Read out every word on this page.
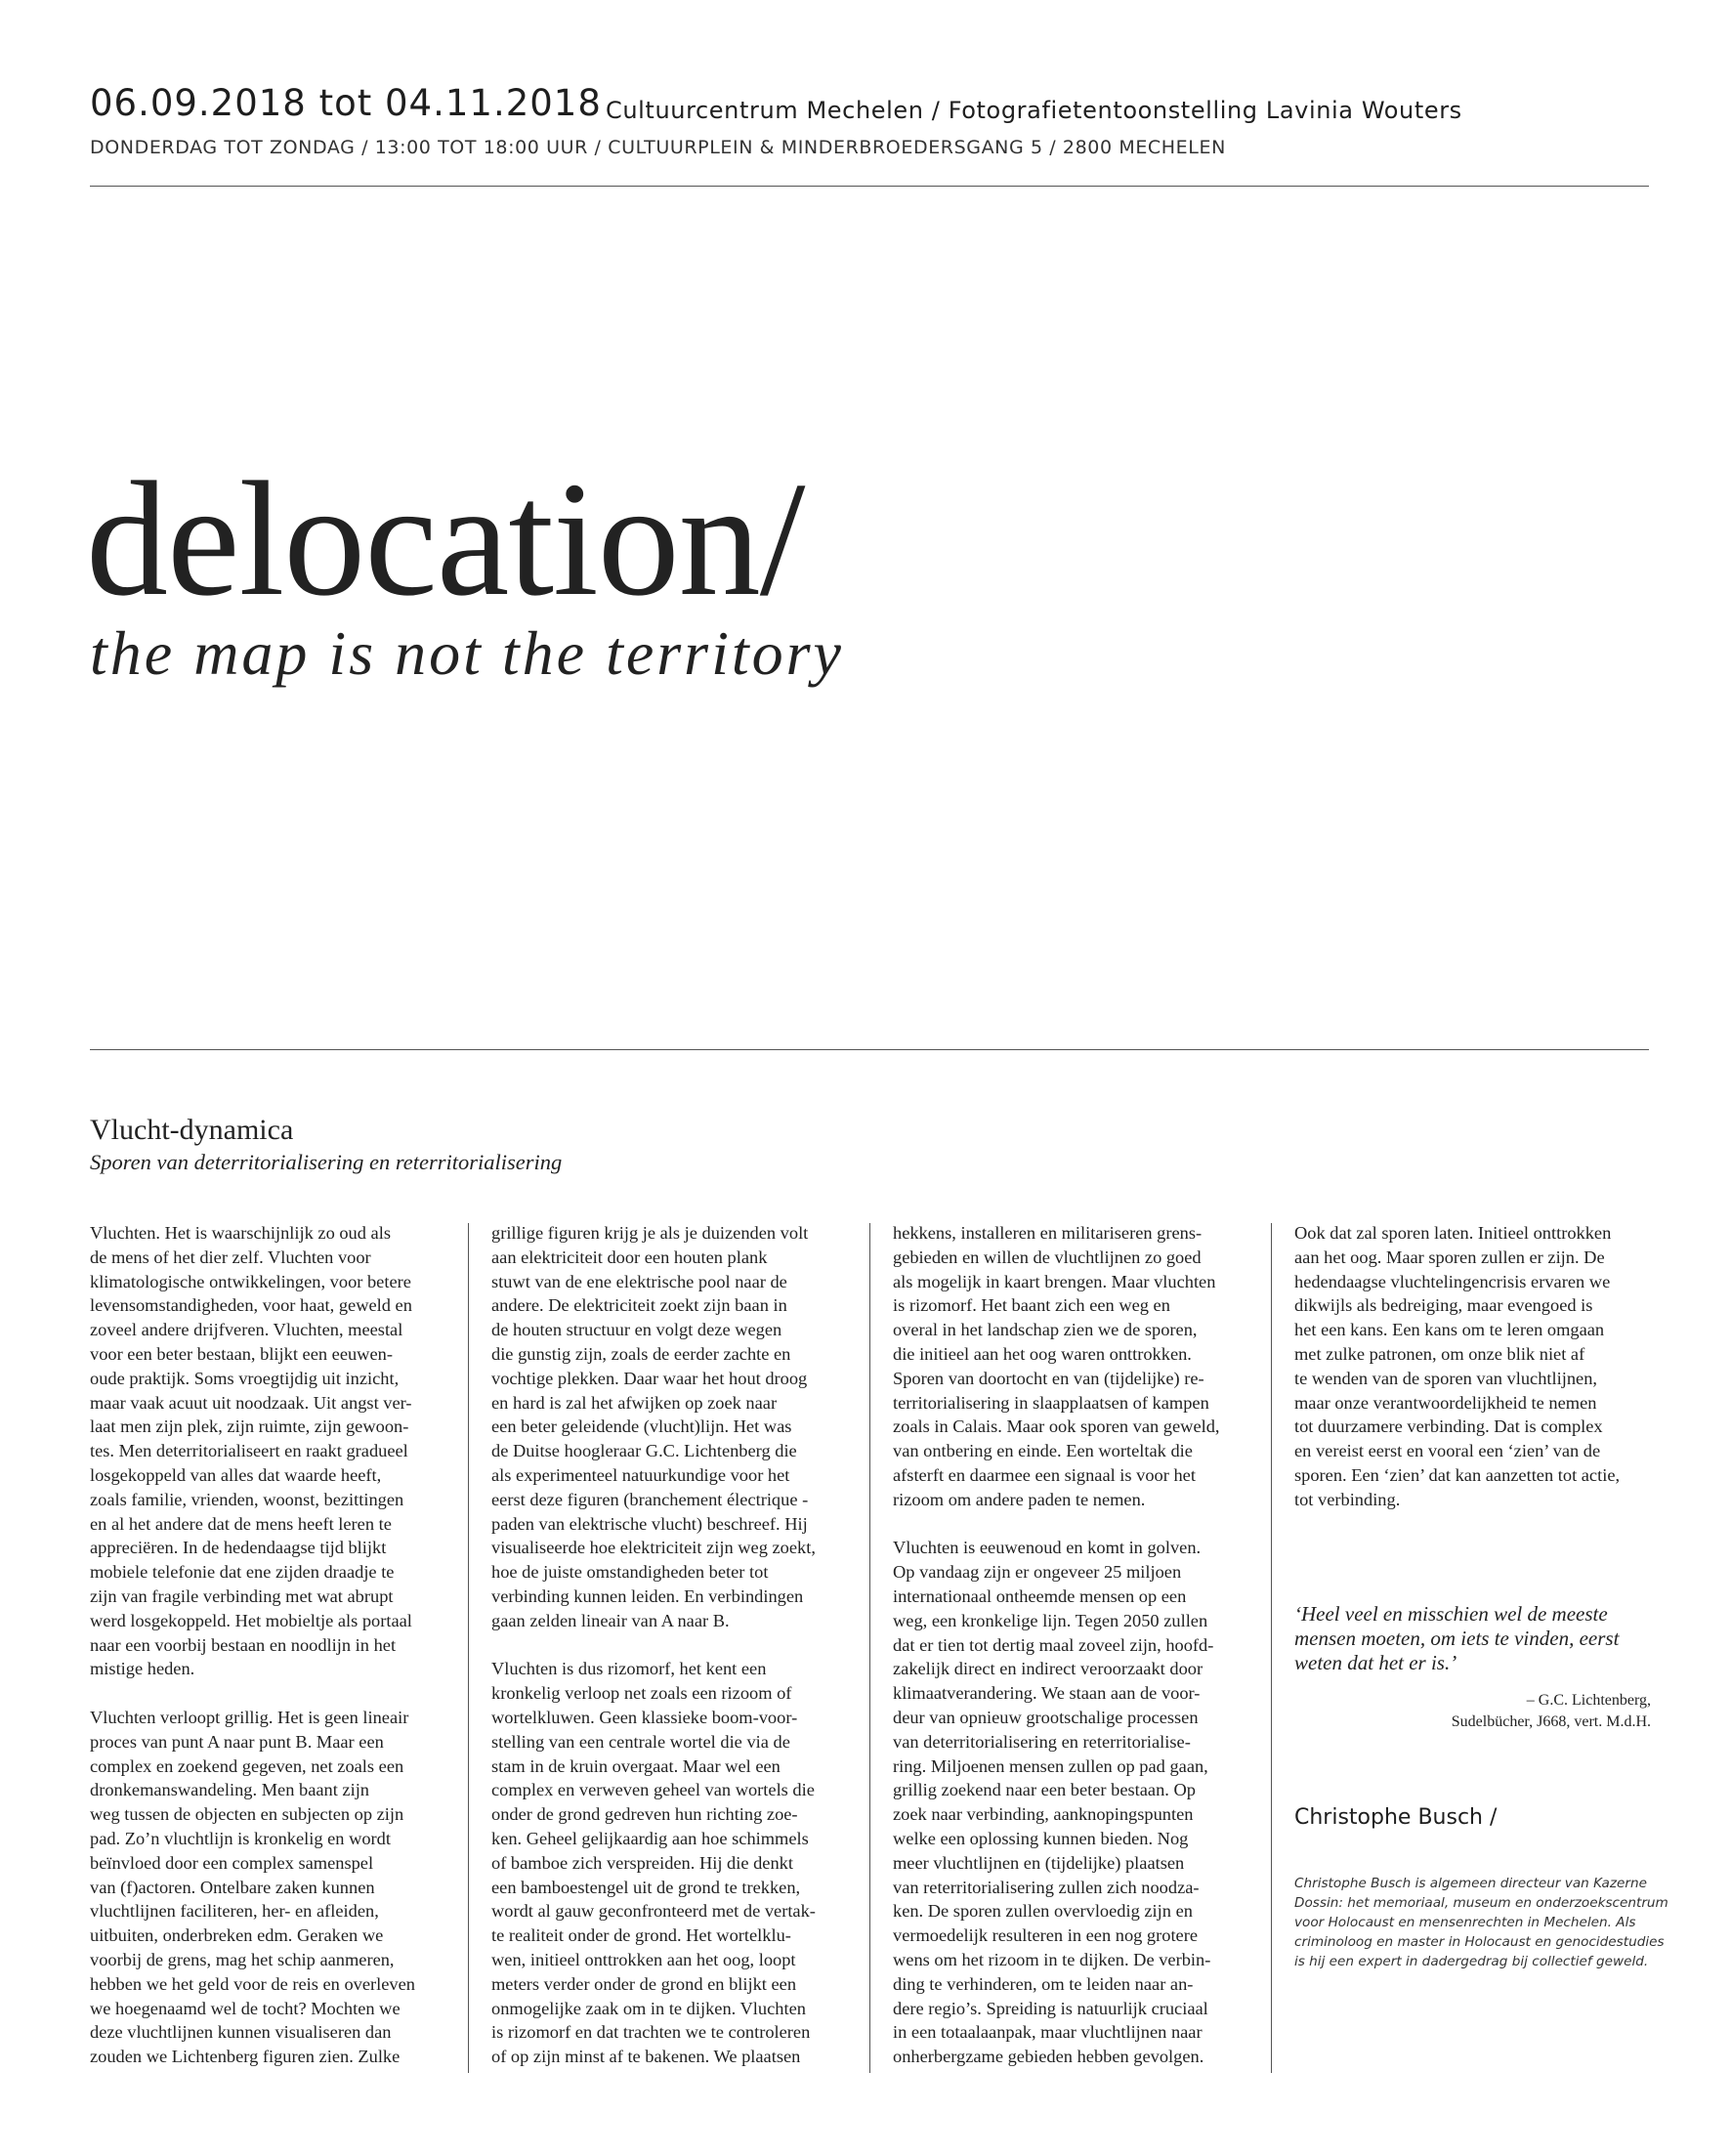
06.09.2018 tot 04.11.2018 Cultuurcentrum Mechelen / Fotografietentoonstelling Lavinia Wouters
DONDERDAG TOT ZONDAG / 13:00 TOT 18:00 UUR / CULTUURPLEIN & MINDERBROEDERSGANG 5 / 2800 MECHELEN
delocation/
the map is not the territory
Vlucht-dynamica
Sporen van deterritorialisering en reterritorialisering

Vluchten. Het is waarschijnlijk zo oud als

de mens of het dier zelf. Vluchten voor

klimatologische ontwikkelingen, voor betere

levensomstandigheden, voor haat, geweld en

zoveel andere drijfveren. Vluchten, meestal

voor een beter bestaan, blijkt een eeuwen-

oude praktijk. Soms vroegtijdig uit inzicht,

maar vaak acuut uit noodzaak. Uit angst ver-

laat men zijn plek, zijn ruimte, zijn gewoon-

tes. Men deterritorialiseert en raakt gradueel

losgekoppeld van alles dat waarde heeft,

zoals familie, vrienden, woonst, bezittingen

en al het andere dat de mens heeft leren te

appreciëren. In de hedendaagse tijd blijkt

mobiele telefonie dat ene zijden draadje te

zijn van fragile verbinding met wat abrupt

werd losgekoppeld. Het mobieltje als portaal

naar een voorbij bestaan en noodlijn in het

mistige heden.

Vluchten verloopt grillig. Het is geen lineair

proces van punt A naar punt B. Maar een

complex en zoekend gegeven, net zoals een

dronkemanswandeling. Men baant zijn

weg tussen de objecten en subjecten op zijn

pad. Zo’n vluchtlijn is kronkelig en wordt

beïnvloed door een complex samenspel

van (f)actoren. Ontelbare zaken kunnen

vluchtlijnen faciliteren, her- en afleiden,

uitbuiten, onderbreken edm. Geraken we

voorbij de grens, mag het schip aanmeren,

hebben we het geld voor de reis en overleven

we hoegenaamd wel de tocht? Mochten we

deze vluchtlijnen kunnen visualiseren dan

zouden we Lichtenberg figuren zien. Zulke

grillige figuren krijg je als je duizenden volt

aan elektriciteit door een houten plank

stuwt van de ene elektrische pool naar de

andere. De elektriciteit zoekt zijn baan in

de houten structuur en volgt deze wegen

die gunstig zijn, zoals de eerder zachte en

vochtige plekken. Daar waar het hout droog

en hard is zal het afwijken op zoek naar

een beter geleidende (vlucht)lijn. Het was

de Duitse hoogleraar G.C. Lichtenberg die

als experimenteel natuurkundige voor het

eerst deze figuren (branchement électrique -

paden van elektrische vlucht) beschreef. Hij

visualiseerde hoe elektriciteit zijn weg zoekt,

hoe de juiste omstandigheden beter tot

verbinding kunnen leiden. En verbindingen

gaan zelden lineair van A naar B.

Vluchten is dus rizomorf, het kent een

kronkelig verloop net zoals een rizoom of

wortelkluwen. Geen klassieke boom-voor-

stelling van een centrale wortel die via de

stam in de kruin overgaat. Maar wel een

complex en verweven geheel van wortels die

onder de grond gedreven hun richting zoe-

ken. Geheel gelijkaardig aan hoe schimmels

of bamboe zich verspreiden. Hij die denkt

een bamboestengel uit de grond te trekken,

wordt al gauw geconfronteerd met de vertak-

te realiteit onder de grond. Het wortelklu-

wen, initieel onttrokken aan het oog, loopt

meters verder onder de grond en blijkt een

onmogelijke zaak om in te dijken. Vluchten

is rizomorf en dat trachten we te controleren

of op zijn minst af te bakenen. We plaatsen

hekkens, installeren en militariseren grens-

gebieden en willen de vluchtlijnen zo goed

als mogelijk in kaart brengen. Maar vluchten

is rizomorf. Het baant zich een weg en

overal in het landschap zien we de sporen,

die initieel aan het oog waren onttrokken.

Sporen van doortocht en van (tijdelijke) re-

territorialisering in slaapplaatsen of kampen

zoals in Calais. Maar ook sporen van geweld,

van ontbering en einde. Een worteltak die

afsterft en daarmee een signaal is voor het

rizoom om andere paden te nemen.

Vluchten is eeuwenoud en komt in golven.

Op vandaag zijn er ongeveer 25 miljoen

internationaal ontheemde mensen op een

weg, een kronkelige lijn. Tegen 2050 zullen

dat er tien tot dertig maal zoveel zijn, hoofd-

zakelijk direct en indirect veroorzaakt door

klimaatverandering. We staan aan de voor-

deur van opnieuw grootschalige processen

van deterritorialisering en reterritorialise-

ring. Miljoenen mensen zullen op pad gaan,

grillig zoekend naar een beter bestaan. Op

zoek naar verbinding, aanknopingspunten

welke een oplossing kunnen bieden. Nog

meer vluchtlijnen en (tijdelijke) plaatsen

van reterritorialisering zullen zich noodza-

ken. De sporen zullen overvloedig zijn en

vermoedelijk resulteren in een nog grotere

wens om het rizoom in te dijken. De verbin-

ding te verhinderen, om te leiden naar an-

dere regio’s. Spreiding is natuurlijk cruciaal

in een totaalaanpak, maar vluchtlijnen naar

onherbergzame gebieden hebben gevolgen.

Ook dat zal sporen laten. Initieel onttrokken

aan het oog. Maar sporen zullen er zijn. De

hedendaagse vluchtelingencrisis ervaren we

dikwijls als bedreiging, maar evengoed is

het een kans. Een kans om te leren omgaan

met zulke patronen, om onze blik niet af

te wenden van de sporen van vluchtlijnen,

maar onze verantwoordelijkheid te nemen

tot duurzamere verbinding. Dat is complex

en vereist eerst en vooral een ‘zien’ van de

sporen. Een ‘zien’ dat kan aanzetten tot actie,

tot verbinding.

‘Heel veel en misschien wel de meeste

mensen moeten, om iets te vinden, eerst

weten dat het er is.’

– G.C. Lichtenberg,

Sudelbücher, J668, vert. M.d.H.

Christophe Busch /

Christophe Busch is algemeen directeur van Kazerne

Dossin: het memoriaal, museum en onderzoekscentrum

voor Holocaust en mensenrechten in Mechelen. Als

criminoloog en master in Holocaust en genocidestudies

is hij een expert in dadergedrag bij collectief geweld.
